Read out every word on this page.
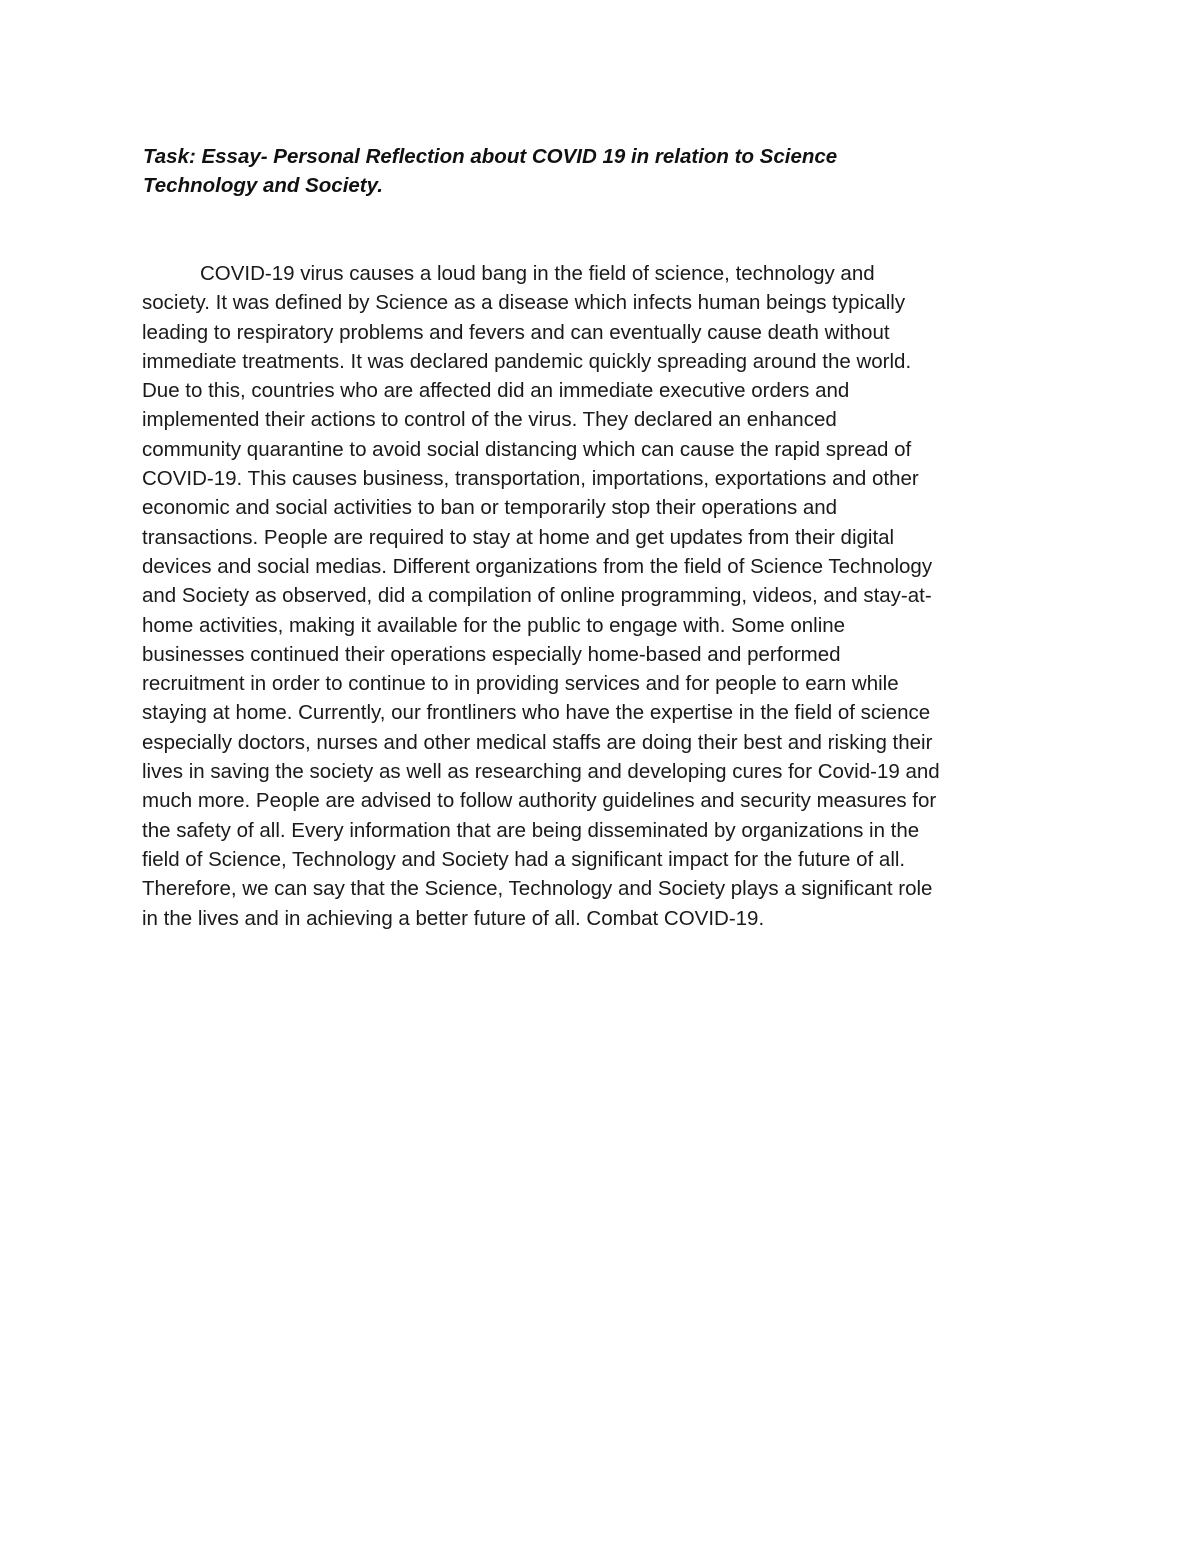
Task: Essay- Personal Reflection about COVID 19 in relation to Science
Technology and Society.

COVID-19 virus causes a loud bang in the field of science, technology and
society. It was defined by Science as a disease which infects human beings typically
leading to respiratory problems and fevers and can eventually cause death without
immediate treatments. It was declared pandemic quickly spreading around the world.
Due to this, countries who are affected did an immediate executive orders and
implemented their actions to control of the virus. They declared an enhanced
community quarantine to avoid social distancing which can cause the rapid spread of
COVID-19. This causes business, transportation, importations, exportations and other
economic and social activities to ban or temporarily stop their operations and
transactions. People are required to stay at home and get updates from their digital
devices and social medias. Different organizations from the field of Science Technology
and Society as observed, did a compilation of online programming, videos, and stay-at-
home activities, making it available for the public to engage with. Some online
businesses continued their operations especially home-based and performed
recruitment in order to continue to in providing services and for people to earn while
staying at home. Currently, our frontliners who have the expertise in the field of science
especially doctors, nurses and other medical staffs are doing their best and risking their
lives in saving the society as well as researching and developing cures for Covid-19 and
much more. People are advised to follow authority guidelines and security measures for
the safety of all. Every information that are being disseminated by organizations in the
field of Science, Technology and Society had a significant impact for the future of all.
Therefore, we can say that the Science, Technology and Society plays a significant role
in the lives and in achieving a better future of all. Combat COVID-19.
